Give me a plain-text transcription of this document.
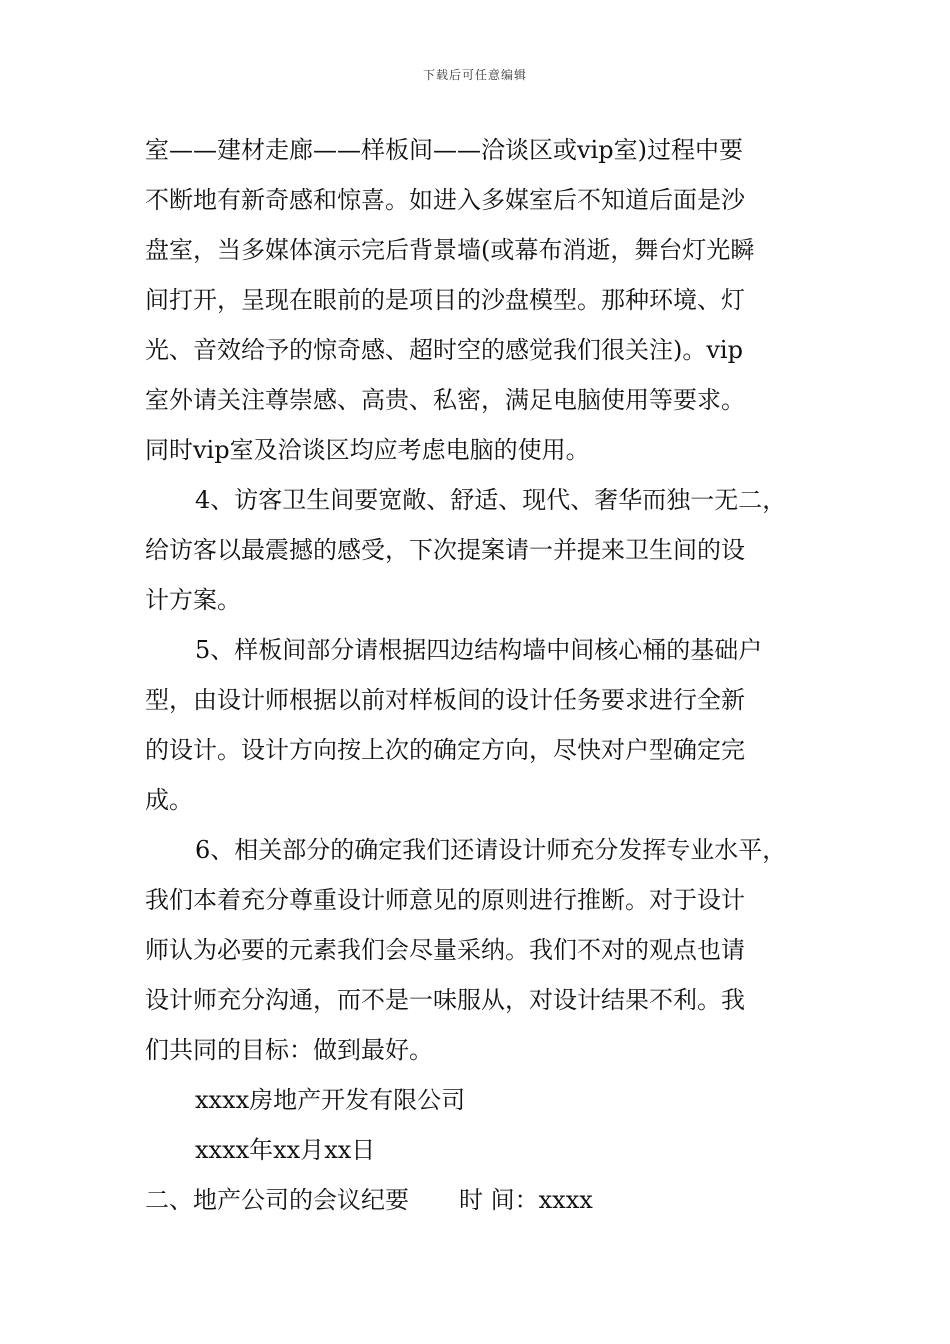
下载后可任意编辑
室——建材走廊——样板间——洽谈区或vip室)过程中要
不断地有新奇感和惊喜。如进入多媒室后不知道后面是沙
盘室，当多媒体演示完后背景墙(或幕布消逝，舞台灯光瞬
间打开，呈现在眼前的是项目的沙盘模型。那种环境、灯
光、音效给予的惊奇感、超时空的感觉我们很关注)。vip
室外请关注尊崇感、高贵、私密，满足电脑使用等要求。
同时vip室及洽谈区均应考虑电脑的使用。
4、访客卫生间要宽敞、舒适、现代、奢华而独一无二，
给访客以最震撼的感受，下次提案请一并提来卫生间的设
计方案。
5、样板间部分请根据四边结构墙中间核心桶的基础户
型，由设计师根据以前对样板间的设计任务要求进行全新
的设计。设计方向按上次的确定方向，尽快对户型确定完
成。
6、相关部分的确定我们还请设计师充分发挥专业水平，
我们本着充分尊重设计师意见的原则进行推断。对于设计
师认为必要的元素我们会尽量采纳。我们不对的观点也请
设计师充分沟通，而不是一味服从，对设计结果不利。我
们共同的目标：做到最好。
xxxx房地产开发有限公司
xxxx年xx月xx日
二、地产公司的会议纪要 时 间：xxxx
